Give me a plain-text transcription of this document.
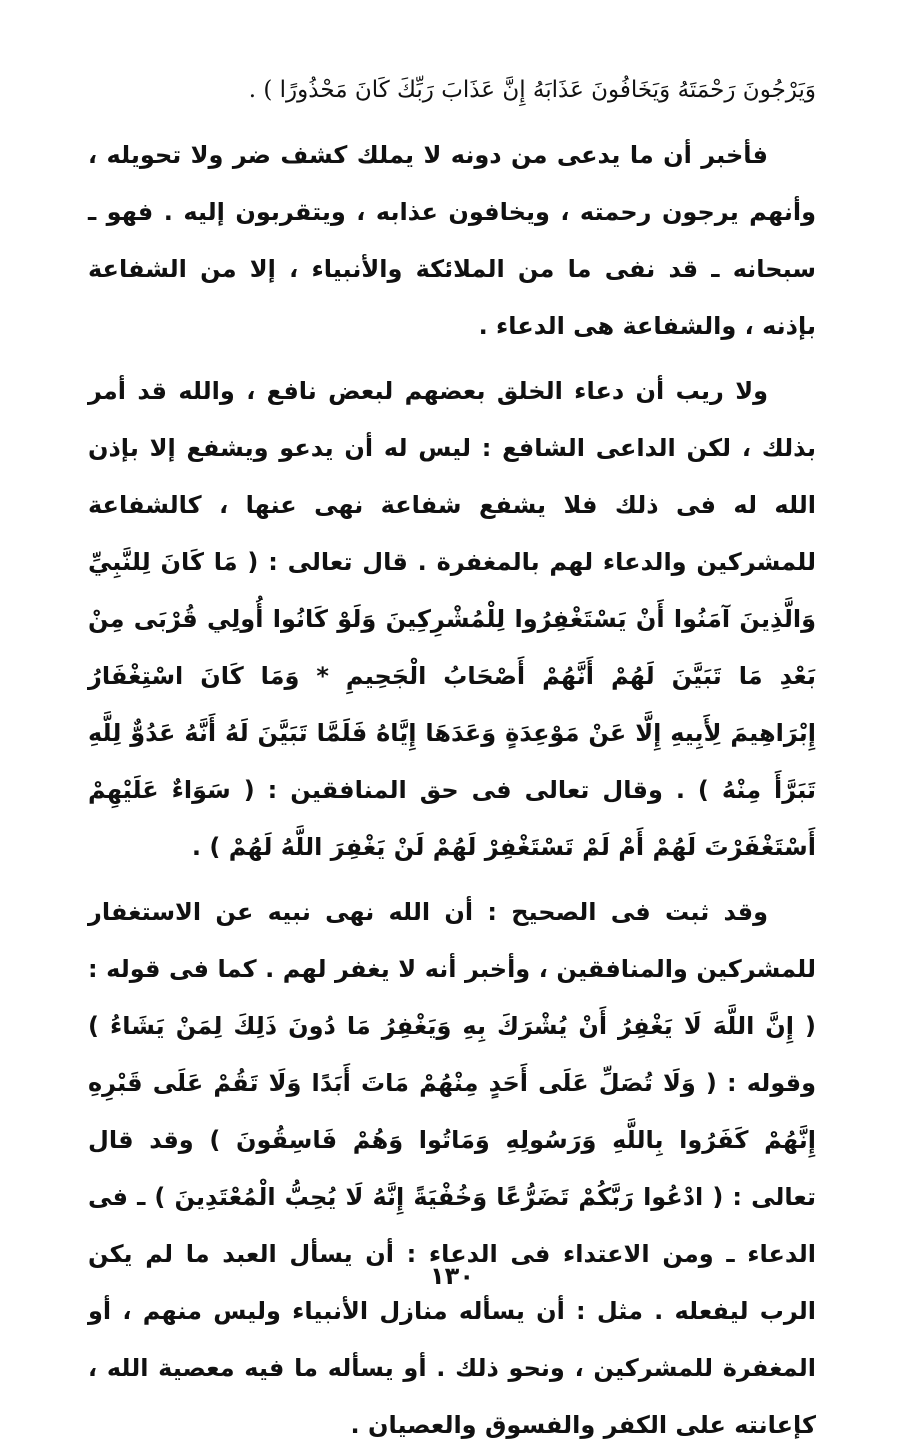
وَيَرْجُونَ رَحْمَتَهُ وَيَخَافُونَ عَذَابَهُ إِنَّ عَذَابَ رَبِّكَ كَانَ مَحْذُورًا ) .

فأخبر أن ما يدعى من دونه لا يملك كشف ضر ولا تحويله ، وأنهم يرجون رحمته ، ويخافون عذابه ، ويتقربون إليه . فهو ـ سبحانه ـ قد نفى ما من الملائكة والأنبياء ، إلا من الشفاعة بإذنه ، والشفاعة هى الدعاء .

ولا ريب أن دعاء الخلق بعضهم لبعض نافع ، والله قد أمر بذلك ، لكن الداعى الشافع : ليس له أن يدعو ويشفع إلا بإذن الله له فى ذلك فلا يشفع شفاعة نهى عنها ، كالشفاعة للمشركين والدعاء لهم بالمغفرة . قال تعالى : ( مَا كَانَ لِلنَّبِيِّ وَالَّذِينَ آمَنُوا أَنْ يَسْتَغْفِرُوا لِلْمُشْرِكِينَ وَلَوْ كَانُوا أُولِي قُرْبَى مِنْ بَعْدِ مَا تَبَيَّنَ لَهُمْ أَنَّهُمْ أَصْحَابُ الْجَحِيمِ * وَمَا كَانَ اسْتِغْفَارُ إِبْرَاهِيمَ لِأَبِيهِ إِلَّا عَنْ مَوْعِدَةٍ وَعَدَهَا إِيَّاهُ فَلَمَّا تَبَيَّنَ لَهُ أَنَّهُ عَدُوٌّ لِلَّهِ تَبَرَّأَ مِنْهُ ) . وقال تعالى فى حق المنافقين : ( سَوَاءٌ عَلَيْهِمْ أَسْتَغْفَرْتَ لَهُمْ أَمْ لَمْ تَسْتَغْفِرْ لَهُمْ لَنْ يَغْفِرَ اللَّهُ لَهُمْ ) .

وقد ثبت فى الصحيح : أن الله نهى نبيه عن الاستغفار للمشركين والمنافقين ، وأخبر أنه لا يغفر لهم . كما فى قوله : ( إِنَّ اللَّهَ لَا يَغْفِرُ أَنْ يُشْرَكَ بِهِ وَيَغْفِرُ مَا دُونَ ذَلِكَ لِمَنْ يَشَاءُ ) وقوله : ( وَلَا تُصَلِّ عَلَى أَحَدٍ مِنْهُمْ مَاتَ أَبَدًا وَلَا تَقُمْ عَلَى قَبْرِهِ إِنَّهُمْ كَفَرُوا بِاللَّهِ وَرَسُولِهِ وَمَاتُوا وَهُمْ فَاسِقُونَ ) وقد قال تعالى : ( ادْعُوا رَبَّكُمْ تَضَرُّعًا وَخُفْيَةً إِنَّهُ لَا يُحِبُّ الْمُعْتَدِينَ ) ـ فى الدعاء ـ ومن الاعتداء فى الدعاء : أن يسأل العبد ما لم يكن الرب ليفعله . مثل : أن يسأله منازل الأنبياء وليس منهم ، أو المغفرة للمشركين ، ونحو ذلك . أو يسأله ما فيه معصية الله ، كإعانته على الكفر والفسوق والعصيان .

١٣٠
